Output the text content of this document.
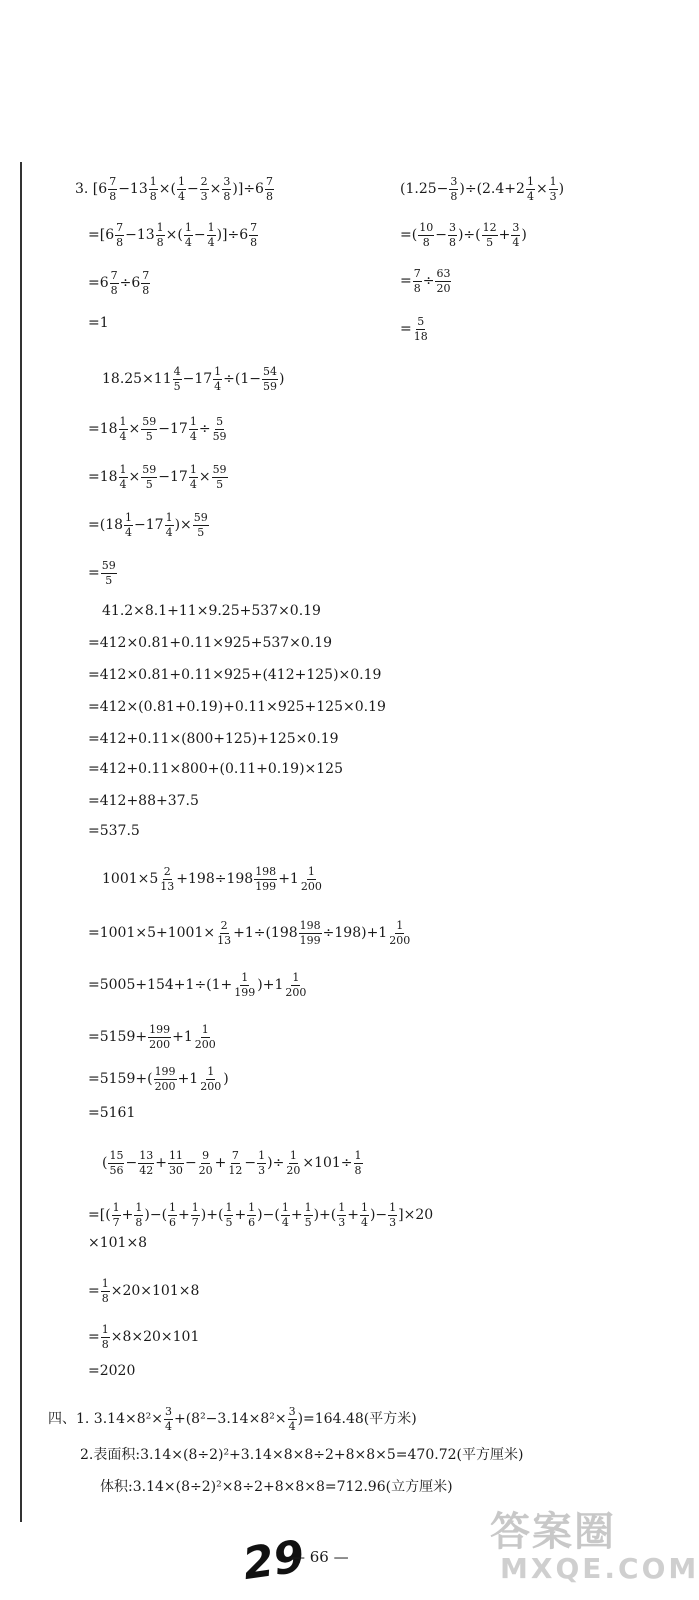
3. [$6 \frac{7}{8} -13 \frac{1}{8}$ ×( $\frac{1}{4} - \frac{2}{3} \times \frac{3}{8} )]\div 6 \frac{7}{8}$	$(1.25- \frac{3}{8} )\div(2.4+2 \frac{1}{4} \times \frac{1}{3}$ )
$=[6 \frac{7}{8} -13 \frac{1}{8}$ ×( $\frac{1}{4} - \frac{1}{4} )]\div 6 \frac{7}{8}$	=( $\frac{10}{8} - \frac{3}{8}$ )÷( $\frac{12}{5} + \frac{3}{4}$ )
$=6 \frac{7}{8} \div 6 \frac{7}{8}$	= $\frac{7}{8} \div \frac{63}{20}$
=1	= $\frac{5}{18}$
$18.25\times 11 \frac{4}{5} -17 \frac{1}{4} \div(1- \frac{54}{59}$ )
$=18 \frac{1}{4} \times \frac{59}{5} -17 \frac{1}{4} \div \frac{5}{59}$
$=18 \frac{1}{4} \times \frac{59}{5} -17 \frac{1}{4} \times \frac{59}{5}$
$=(18 \frac{1}{4} -17 \frac{1}{4}$ )× $\frac{59}{5}$
= $\frac{59}{5}$
41.2×8.1+11×9.25+537×0.19
=412×0.81+0.11×925+537×0.19
=412×0.81+0.11×925+(412+125)×0.19
=412×(0.81+0.19)+0.11×925+125×0.19
=412+0.11×(800+125)+125×0.19
=412+0.11×800+(0.11+0.19)×125
=412+88+37.5
=537.5
$1001\times 5 \frac{2}{13} +198\div 198 \frac{198}{199} +1 \frac{1}{200}$
$=1001\times 5+1001\times \frac{2}{13} +1\div(198 \frac{198}{199} \div 198)+1 \frac{1}{200}$
$=5005+154+1\div(1+ \frac{1}{199} )+1 \frac{1}{200}$
$=5159+ \frac{199}{200} +1 \frac{1}{200}$
$=5159+( \frac{199}{200} +1 \frac{1}{200}$ )
=5161
( $\frac{15}{56} - \frac{13}{42} + \frac{11}{30} - \frac{9}{20} + \frac{7}{12} - \frac{1}{3}$ )÷ $\frac{1}{20} \times 101\div \frac{1}{8}$
=[( $\frac{1}{7} + \frac{1}{8}$ )−( $\frac{1}{6} + \frac{1}{7}$ )+( $\frac{1}{5} + \frac{1}{6}$ )−( $\frac{1}{4} + \frac{1}{5}$ )+( $\frac{1}{3} + \frac{1}{4}$ )− $\frac{1}{3} ]\times 20$
×101×8
= $\frac{1}{8} \times 20\times 101\times 8$
= $\frac{1}{8} \times 8\times 20\times 101$
=2020
四、1. $3.14\times 8^2\times \frac{3}{4} +(8^2-3.14\times 8^2\times \frac{3}{4} )=164.48$(平方米)
2.表面积:3.14×(8÷2)²+3.14×8×8÷2+8×8×5=470.72(平方厘米)
体积:3.14×(8÷2)²×8÷2+8×8×8=712.96(立方厘米)
29
— 66 —
答案圈
MXQE.COM
